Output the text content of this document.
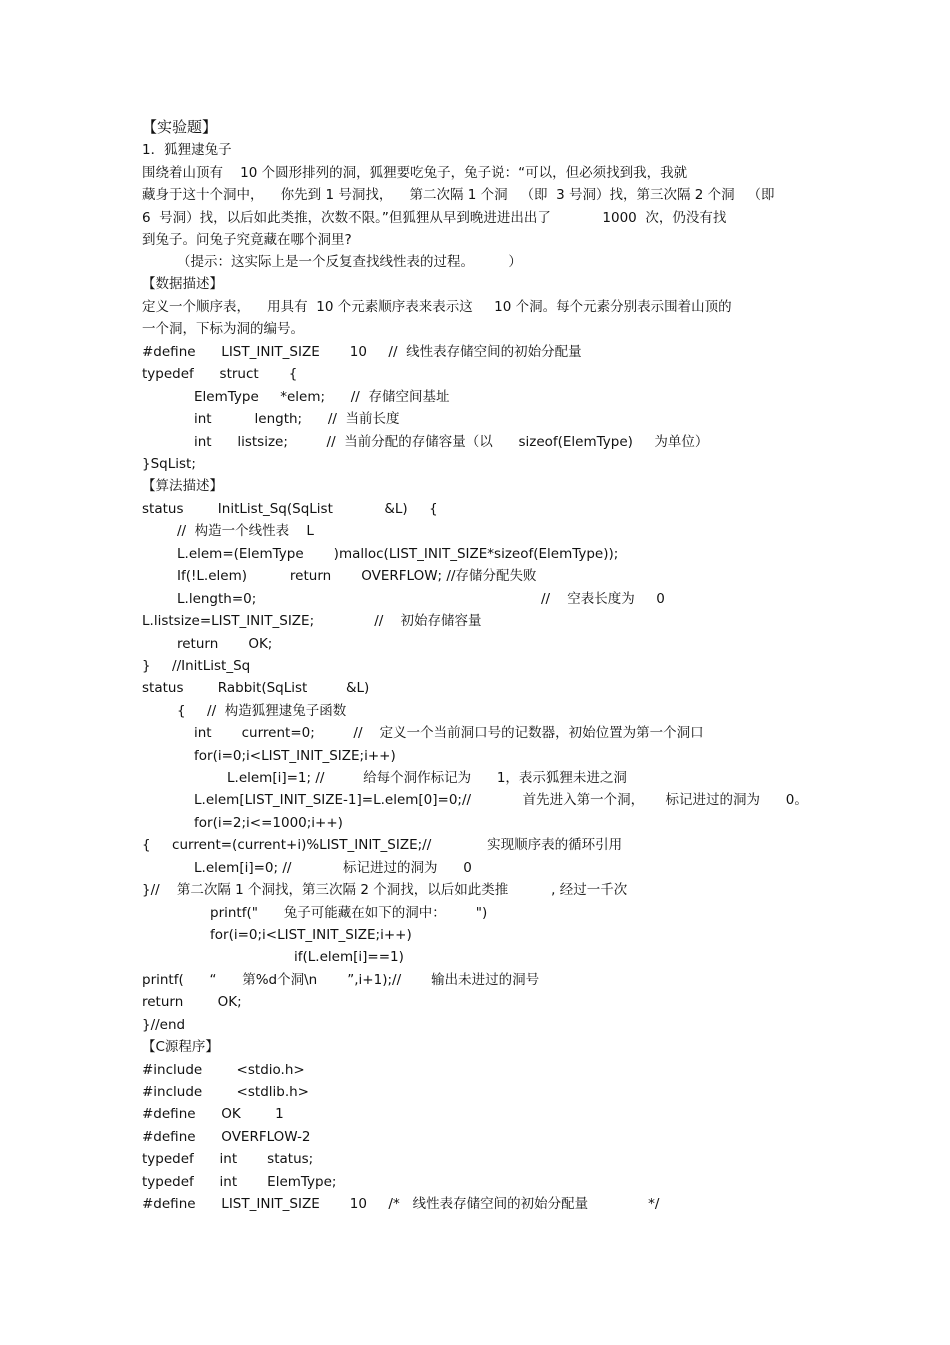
【实验题】
1．狐狸逮兔子
围绕着山顶有    10 个圆形排列的洞，狐狸要吃兔子，兔子说：“可以，但必须找到我，我就
藏身于这十个洞中，    你先到 1 号洞找，    第二次隔 1 个洞   （即  3 号洞）找，第三次隔 2 个洞   （即
6  号洞）找，以后如此类推，次数不限。”但狐狸从早到晚进进出出了            1000  次，仍没有找
到兔子。问兔子究竟藏在哪个洞里?
（提示：这实际上是一个反复查找线性表的过程。        ）
【数据描述】
定义一个顺序表，    用具有  10 个元素顺序表来表示这     10 个洞。每个元素分别表示围着山顶的
一个洞，下标为洞的编号。
#define      LIST_INIT_SIZE       10     //  线性表存储空间的初始分配量
typedef      struct       {
ElemType     *elem;      //  存储空间基址
int          length;      //  当前长度
int      listsize;         //  当前分配的存储容量（以      sizeof(ElemType)     为单位）
}SqList;
【算法描述】
status        InitList_Sq(SqList            &L)     {
//  构造一个线性表    L
L.elem=(ElemType       )malloc(LIST_INIT_SIZE*sizeof(ElemType));
If(!L.elem)          return       OVERFLOW; //存储分配失败
L.length=0;	//    空表长度为     0
L.listsize=LIST_INIT_SIZE;              //    初始存储容量
return       OK;
}     //InitList_Sq
status        Rabbit(SqList         &L)
{     //  构造狐狸逮兔子函数
int       current=0;         //    定义一个当前洞口号的记数器，初始位置为第一个洞口
for(i=0;i<LIST_INIT_SIZE;i++)
L.elem[i]=1; //         给每个洞作标记为      1，表示狐狸未进之洞
L.elem[LIST_INIT_SIZE-1]=L.elem[0]=0;//            首先进入第一个洞，     标记进过的洞为      0。
for(i=2;i<=1000;i++)
{     current=(current+i)%LIST_INIT_SIZE;//             实现顺序表的循环引用
L.elem[i]=0; //            标记进过的洞为      0
}//    第二次隔 1 个洞找，第三次隔 2 个洞找，以后如此类推          , 经过一千次
printf("      兔子可能藏在如下的洞中：       ")
for(i=0;i<LIST_INIT_SIZE;i++)
if(L.elem[i]==1)
printf(      “      第%d个洞\n       ”,i+1);//       输出未进过的洞号
return        OK;
}//end
【C源程序】
#include        <stdio.h>
#include        <stdlib.h>
#define      OK        1
#define      OVERFLOW-2
typedef      int       status;
typedef      int       ElemType;
#define      LIST_INIT_SIZE       10     /*   线性表存储空间的初始分配量              */
